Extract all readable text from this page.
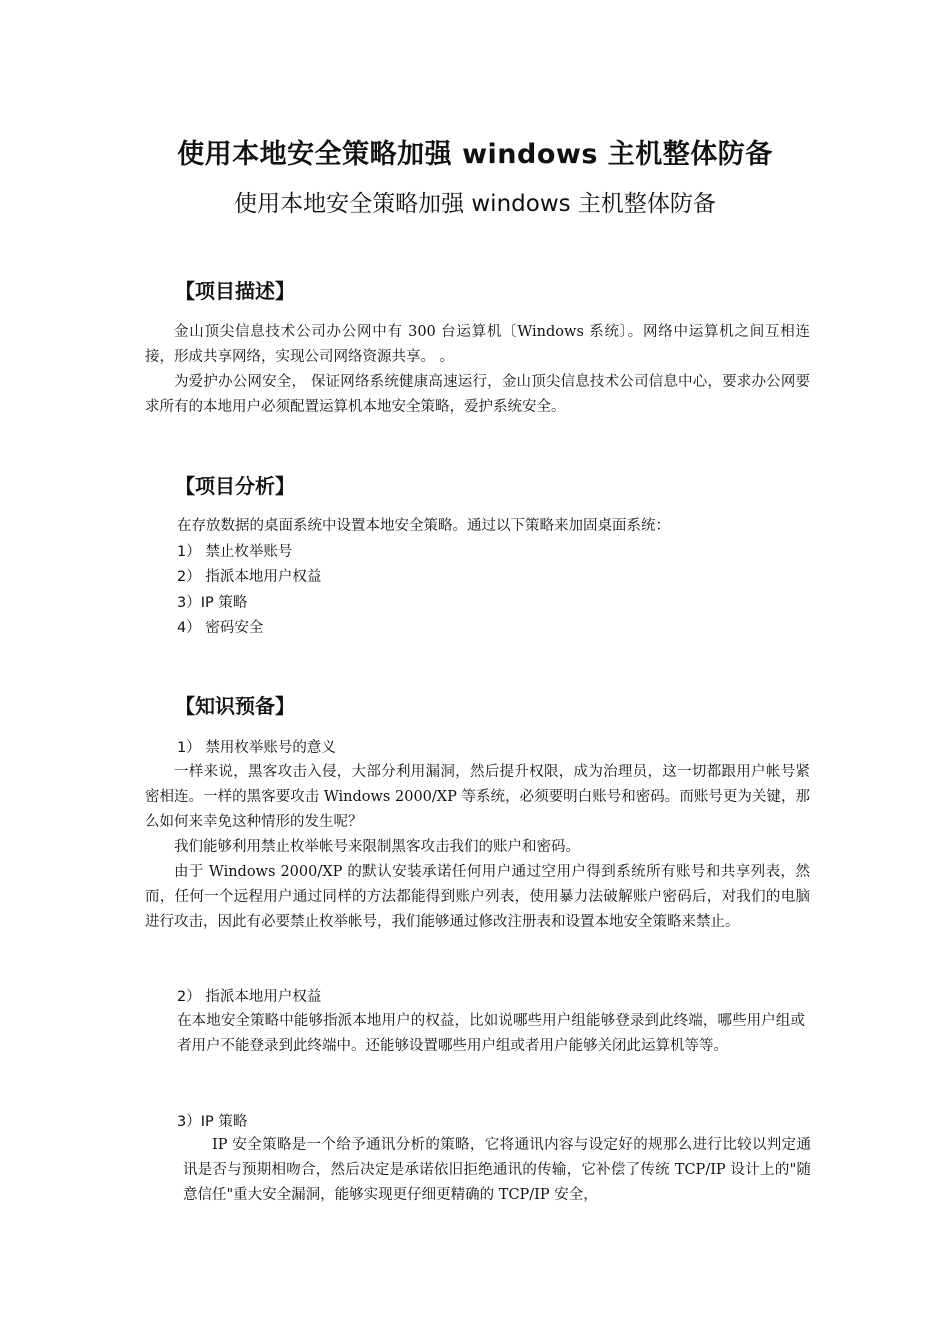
使用本地安全策略加强 windows 主机整体防备
使用本地安全策略加强 windows 主机整体防备
【项目描述】

金山顶尖信息技术公司办公网中有 300 台运算机〔Windows 系统〕。网络中运算机之间互相连接，形成共享网络，实现公司网络资源共享。 。

为爱护办公网安全， 保证网络系统健康高速运行，金山顶尖信息技术公司信息中心，要求办公网要求所有的本地用户必须配置运算机本地安全策略，爱护系统安全。

【项目分析】
在存放数据的桌面系统中设置本地安全策略。通过以下策略来加固桌面系统：
1） 禁止枚举账号
2） 指派本地用户权益
3）IP 策略
4） 密码安全
【知识预备】
1） 禁用枚举账号的意义

一样来说，黑客攻击入侵，大部分利用漏洞，然后提升权限，成为治理员，这一切都跟用户帐号紧密相连。一样的黑客要攻击 Windows 2000/XP 等系统，必须要明白账号和密码。而账号更为关键，那么如何来幸免这种情形的发生呢？

我们能够利用禁止枚举帐号来限制黑客攻击我们的账户和密码。

由于 Windows 2000/XP 的默认安装承诺任何用户通过空用户得到系统所有账号和共享列表，然而，任何一个远程用户通过同样的方法都能得到账户列表，使用暴力法破解账户密码后，对我们的电脑进行攻击，因此有必要禁止枚举帐号，我们能够通过修改注册表和设置本地安全策略来禁止。

2） 指派本地用户权益

在本地安全策略中能够指派本地用户的权益，比如说哪些用户组能够登录到此终端，哪些用户组或者用户不能登录到此终端中。还能够设置哪些用户组或者用户能够关闭此运算机等等。

3）IP 策略

IP 安全策略是一个给予通讯分析的策略，它将通讯内容与设定好的规那么进行比较以判定通讯是否与预期相吻合，然后决定是承诺依旧拒绝通讯的传输，它补偿了传统 TCP/IP 设计上的"随意信任"重大安全漏洞，能够实现更仔细更精确的 TCP/IP 安全，
